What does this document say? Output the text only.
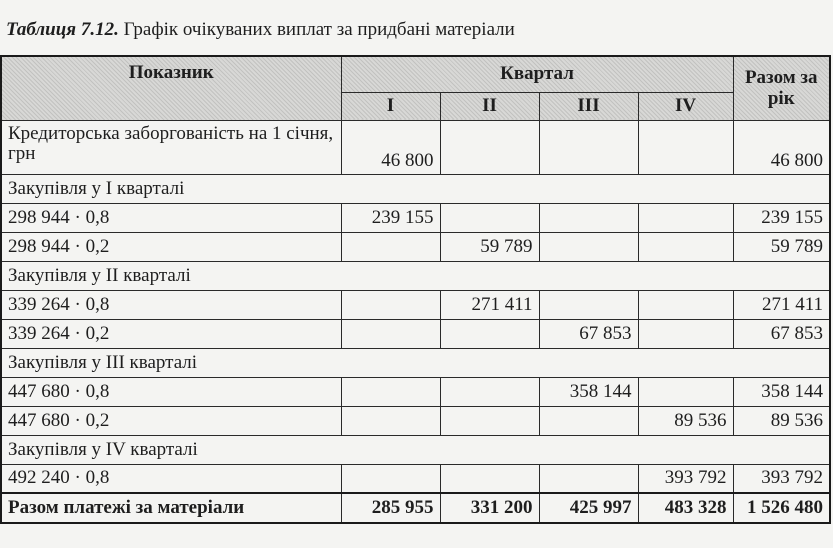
Таблиця 7.12. Графік очікуваних виплат за придбані матеріали
Показник	Квартал				Разом за рік
	I	II	III	IV	
Кредиторська заборгованість на 1 січня, грн	46 800				46 800
Закупівля у I кварталі					
298 944 · 0,8	239 155				239 155
298 944 · 0,2		59 789			59 789
Закупівля у II кварталі					
339 264 · 0,8		271 411			271 411
339 264 · 0,2			67 853		67 853
Закупівля у III кварталі					
447 680 · 0,8			358 144		358 144
447 680 · 0,2				89 536	89 536
Закупівля у IV кварталі					
492 240 · 0,8				393 792	393 792
Разом платежі за матеріали	285 955	331 200	425 997	483 328	1 526 480
